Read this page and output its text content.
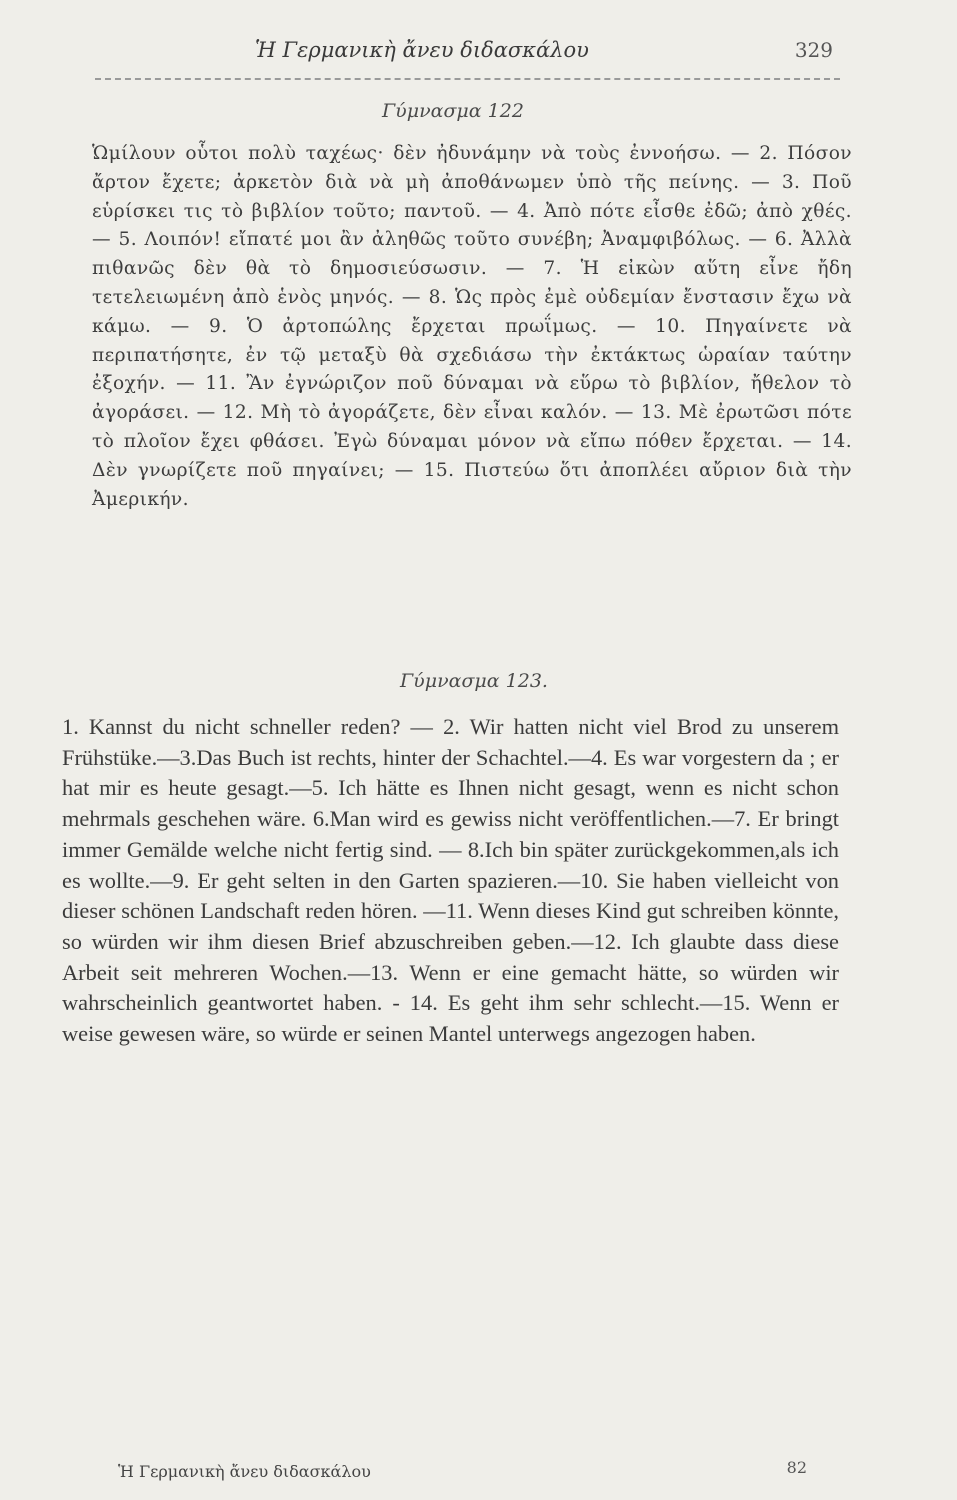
Ἡ Γερμανικὴ ἄνευ διδασκάλου	329
Γύμνασμα 122

Ὡμίλουν οὗτοι πολὺ ταχέως· δὲν ἠδυνάμην νὰ τοὺς ἐννοήσω. — 2. Πόσον ἄρτον ἔχετε; ἀρκετὸν διὰ νὰ μὴ ἀποθάνωμεν ὑπὸ τῆς πείνης. — 3. Ποῦ εὑρίσκει τις τὸ βιβλίον τοῦτο; παντοῦ. — 4. Ἀπὸ πότε εἶσθε ἐδῶ; ἀπὸ χθές. — 5. Λοιπόν! εἴπατέ μοι ἂν ἀληθῶς τοῦτο συνέβη; Ἀναμφιβόλως. — 6. Ἀλλὰ πιθανῶς δὲν θὰ τὸ δημοσιεύσωσιν. — 7. Ἡ εἰκὼν αὕτη εἶνε ἤδη τετελειωμένη ἀπὸ ἑνὸς μηνός. — 8. Ὡς πρὸς ἐμὲ οὐδεμίαν ἔνστασιν ἔχω νὰ κάμω. — 9. Ὁ ἀρτοπώλης ἔρχεται πρωΐμως. — 10. Πηγαίνετε νὰ περιπατήσητε, ἐν τῷ μεταξὺ θὰ σχεδιάσω τὴν ἐκτάκτως ὡραίαν ταύτην ἐξοχήν. — 11. Ἂν ἐγνώριζον ποῦ δύναμαι νὰ εὕρω τὸ βιβλίον, ἤθελον τὸ ἀγοράσει. — 12. Μὴ τὸ ἀγοράζετε, δὲν εἶναι καλόν. — 13. Μὲ ἐρωτῶσι πότε τὸ πλοῖον ἔχει φθάσει. Ἐγὼ δύναμαι μόνον νὰ εἴπω πόθεν ἔρχεται. — 14. Δὲν γνωρίζετε ποῦ πηγαίνει; — 15. Πιστεύω ὅτι ἀποπλέει αὔριον διὰ τὴν Ἀμερικήν.

Γύμνασμα 123.

1. Kannst du nicht schneller reden? — 2. Wir hatten nicht viel Brod zu unserem Frühstüke.—3.Das Buch ist rechts, hinter der Schachtel.—4. Es war vorgestern da ; er hat mir es heute gesagt.—5. Ich hätte es Ihnen nicht gesagt, wenn es nicht schon mehrmals geschehen wäre. 6.Man wird es gewiss nicht veröffentlichen.—7. Er bringt immer Gemälde welche nicht fertig sind. — 8.Ich bin später zurückgekommen,als ich es wollte.—9. Er geht selten in den Garten spazieren.—10. Sie haben vielleicht von dieser schönen Landschaft reden hören. —11. Wenn dieses Kind gut schreiben könnte, so würden wir ihm diesen Brief abzuschreiben geben.—12. Ich glaubte dass diese Arbeit seit mehreren Wochen.—13. Wenn er eine gemacht hätte, so würden wir wahrscheinlich geantwortet haben. - 14. Es geht ihm sehr schlecht.—15. Wenn er weise gewesen wäre, so würde er seinen Mantel unterwegs angezogen haben.

Ἡ Γερμανικὴ ἄνευ διδασκάλου	82
